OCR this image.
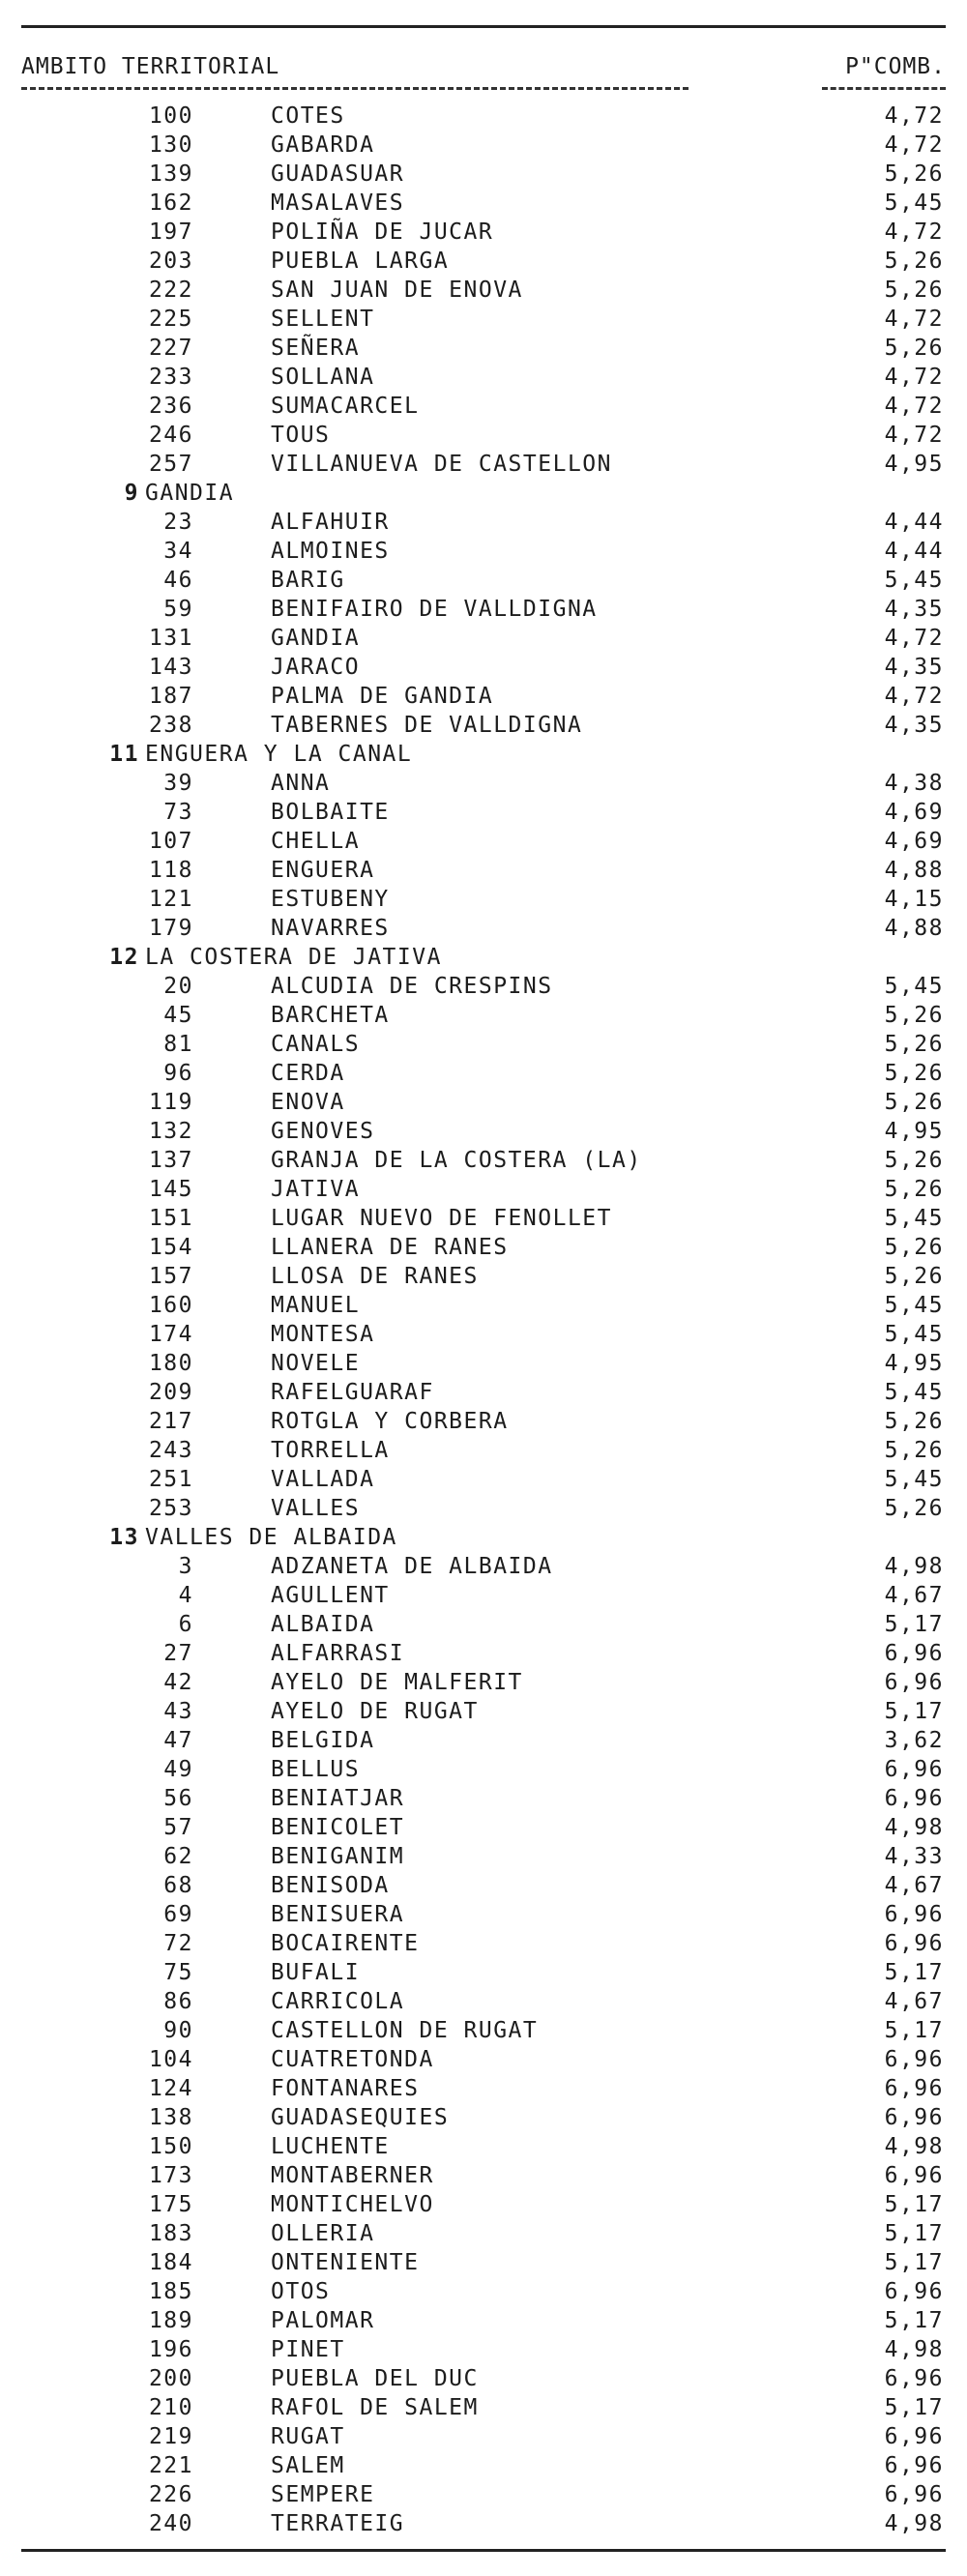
AMBITO TERRITORIAL	P"COMB.
100	COTES	4,72
130	GABARDA	4,72
139	GUADASUAR	5,26
162	MASALAVES	5,45
197	POLIÑA DE JUCAR	4,72
203	PUEBLA LARGA	5,26
222	SAN JUAN DE ENOVA	5,26
225	SELLENT	4,72
227	SEÑERA	5,26
233	SOLLANA	4,72
236	SUMACARCEL	4,72
246	TOUS	4,72
257	VILLANUEVA DE CASTELLON	4,95
9 GANDIA
23	ALFAHUIR	4,44
34	ALMOINES	4,44
46	BARIG	5,45
59	BENIFAIRO DE VALLDIGNA	4,35
131	GANDIA	4,72
143	JARACO	4,35
187	PALMA DE GANDIA	4,72
238	TABERNES DE VALLDIGNA	4,35
11 ENGUERA Y LA CANAL
39	ANNA	4,38
73	BOLBAITE	4,69
107	CHELLA	4,69
118	ENGUERA	4,88
121	ESTUBENY	4,15
179	NAVARRES	4,88
12 LA COSTERA DE JATIVA
20	ALCUDIA DE CRESPINS	5,45
45	BARCHETA	5,26
81	CANALS	5,26
96	CERDA	5,26
119	ENOVA	5,26
132	GENOVES	4,95
137	GRANJA DE LA COSTERA (LA)	5,26
145	JATIVA	5,26
151	LUGAR NUEVO DE FENOLLET	5,45
154	LLANERA DE RANES	5,26
157	LLOSA DE RANES	5,26
160	MANUEL	5,45
174	MONTESA	5,45
180	NOVELE	4,95
209	RAFELGUARAF	5,45
217	ROTGLA Y CORBERA	5,26
243	TORRELLA	5,26
251	VALLADA	5,45
253	VALLES	5,26
13 VALLES DE ALBAIDA
3	ADZANETA DE ALBAIDA	4,98
4	AGULLENT	4,67
6	ALBAIDA	5,17
27	ALFARRASI	6,96
42	AYELO DE MALFERIT	6,96
43	AYELO DE RUGAT	5,17
47	BELGIDA	3,62
49	BELLUS	6,96
56	BENIATJAR	6,96
57	BENICOLET	4,98
62	BENIGANIM	4,33
68	BENISODA	4,67
69	BENISUERA	6,96
72	BOCAIRENTE	6,96
75	BUFALI	5,17
86	CARRICOLA	4,67
90	CASTELLON DE RUGAT	5,17
104	CUATRETONDA	6,96
124	FONTANARES	6,96
138	GUADASEQUIES	6,96
150	LUCHENTE	4,98
173	MONTABERNER	6,96
175	MONTICHELVO	5,17
183	OLLERIA	5,17
184	ONTENIENTE	5,17
185	OTOS	6,96
189	PALOMAR	5,17
196	PINET	4,98
200	PUEBLA DEL DUC	6,96
210	RAFOL DE SALEM	5,17
219	RUGAT	6,96
221	SALEM	6,96
226	SEMPERE	6,96
240	TERRATEIG	4,98
